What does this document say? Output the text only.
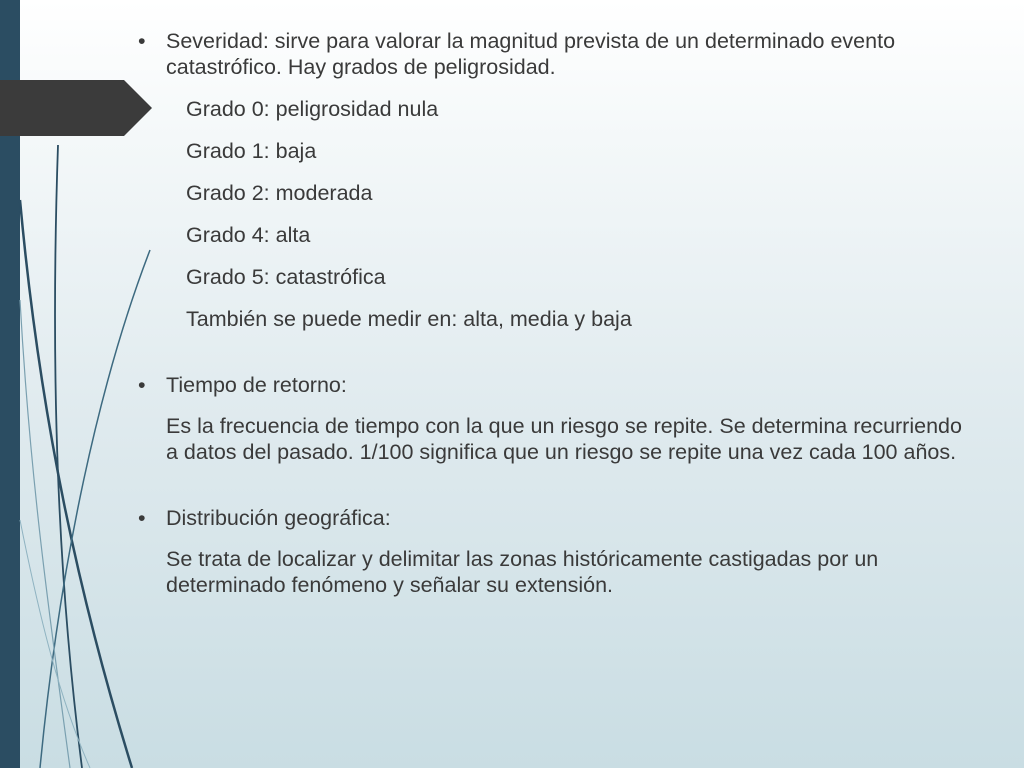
• Severidad: sirve para valorar la magnitud prevista de un determinado evento catastrófico. Hay grados de peligrosidad.
Grado 0: peligrosidad nula
Grado 1: baja
Grado 2: moderada
Grado 4: alta
Grado 5: catastrófica
También se puede medir en: alta, media y baja
• Tiempo de retorno:
Es la frecuencia de tiempo con la que un riesgo se repite. Se determina recurriendo a datos del pasado. 1/100 significa que un riesgo se repite una vez cada 100 años.
• Distribución geográfica:
Se trata de localizar y delimitar las zonas históricamente castigadas por un determinado fenómeno y señalar su extensión.
